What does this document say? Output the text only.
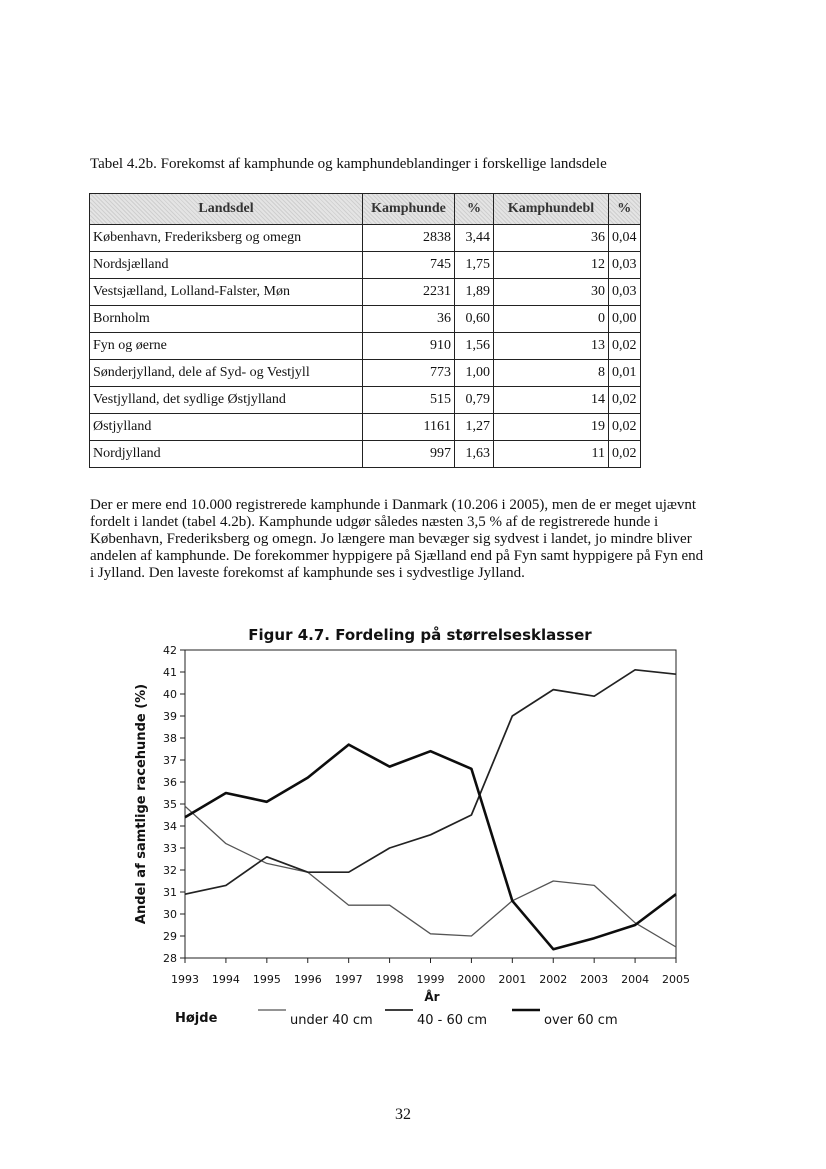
Tabel 4.2b. Forekomst af kamphunde og kamphundeblandinger i forskellige landsdele
Landsdel	Kamphunde	%	Kamphundebl	%
København, Frederiksberg og omegn	2838	3,44	36	0,04
Nordsjælland	745	1,75	12	0,03
Vestsjælland, Lolland-Falster, Møn	2231	1,89	30	0,03
Bornholm	36	0,60	0	0,00
Fyn og øerne	910	1,56	13	0,02
Sønderjylland, dele af Syd- og Vestjyll	773	1,00	8	0,01
Vestjylland, det sydlige Østjylland	515	0,79	14	0,02
Østjylland	1161	1,27	19	0,02
Nordjylland	997	1,63	11	0,02

Der er mere end 10.000 registrerede kamphunde i Danmark (10.206 i 2005), men de er meget ujævnt fordelt i landet (tabel 4.2b). Kamphunde udgør således næsten 3,5 % af de registrerede hunde i København, Frederiksberg og omegn. Jo længere man bevæger sig sydvest i landet, jo mindre bliver andelen af kamphunde. De forekommer hyppigere på Sjælland end på Fyn samt hyppigere på Fyn end i Jylland. Den laveste forekomst af kamphunde ses i sydvestlige Jylland.

Figur 4.7. Fordeling på størrelsesklasser
28
29
30
31
32
33
34
35
36
37
38
39
40
41
42
1993 1994 1995 1996 1997 1998 1999 2000 2001 2002 2003 2004 2005
År
Andel af samtlige racehunde (%)
Højde	under 40 cm	40 - 60 cm	over 60 cm
32
